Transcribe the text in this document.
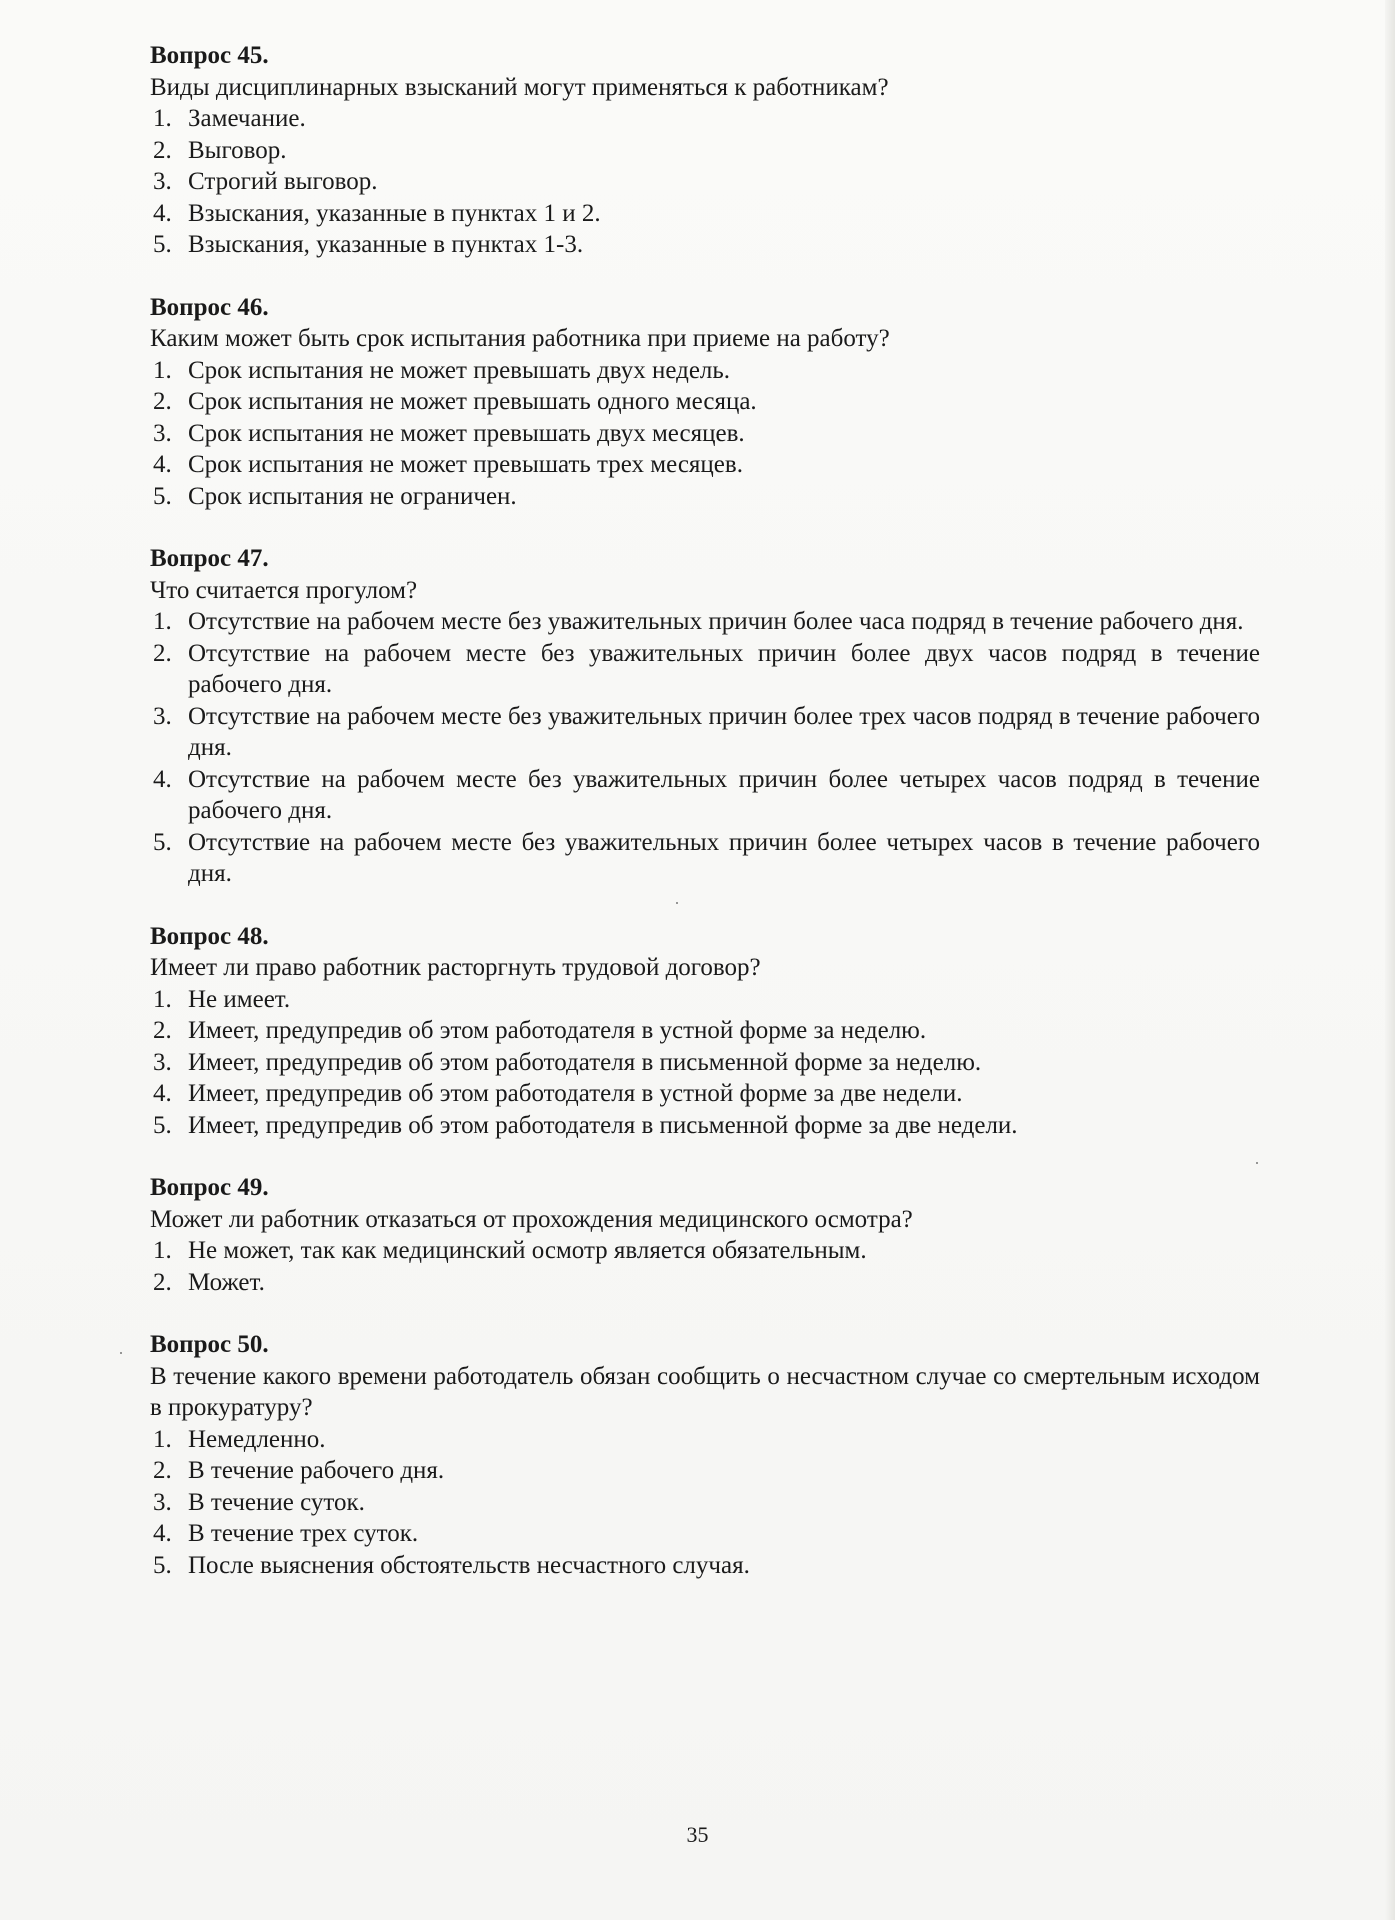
Вопрос 45.

Виды дисциплинарных взысканий могут применяться к работникам?

1. Замечание.
2. Выговор.
3. Строгий выговор.
4. Взыскания, указанные в пунктах 1 и 2.
5. Взыскания, указанные в пунктах 1-3.

Вопрос 46.

Каким может быть срок испытания работника при приеме на работу?

1. Срок испытания не может превышать двух недель.
2. Срок испытания не может превышать одного месяца.
3. Срок испытания не может превышать двух месяцев.
4. Срок испытания не может превышать трех месяцев.
5. Срок испытания не ограничен.

Вопрос 47.

Что считается прогулом?

1. Отсутствие на рабочем месте без уважительных причин более часа подряд в течение рабочего дня.
2. Отсутствие на рабочем месте без уважительных причин более двух часов подряд в течение рабочего дня.
3. Отсутствие на рабочем месте без уважительных причин более трех часов подряд в течение рабочего дня.
4. Отсутствие на рабочем месте без уважительных причин более четырех часов подряд в течение рабочего дня.
5. Отсутствие на рабочем месте без уважительных причин более четырех часов в течение рабочего дня.

Вопрос 48.

Имеет ли право работник расторгнуть трудовой договор?

1. Не имеет.
2. Имеет, предупредив об этом работодателя в устной форме за неделю.
3. Имеет, предупредив об этом работодателя в письменной форме за неделю.
4. Имеет, предупредив об этом работодателя в устной форме за две недели.
5. Имеет, предупредив об этом работодателя в письменной форме за две недели.

Вопрос 49.

Может ли работник отказаться от прохождения медицинского осмотра?

1. Не может, так как медицинский осмотр является обязательным.
2. Может.

Вопрос 50.

В течение какого времени работодатель обязан сообщить о несчастном случае со смертельным исходом в прокуратуру?

1. Немедленно.
2. В течение рабочего дня.
3. В течение суток.
4. В течение трех суток.
5. После выяснения обстоятельств несчастного случая.
35
